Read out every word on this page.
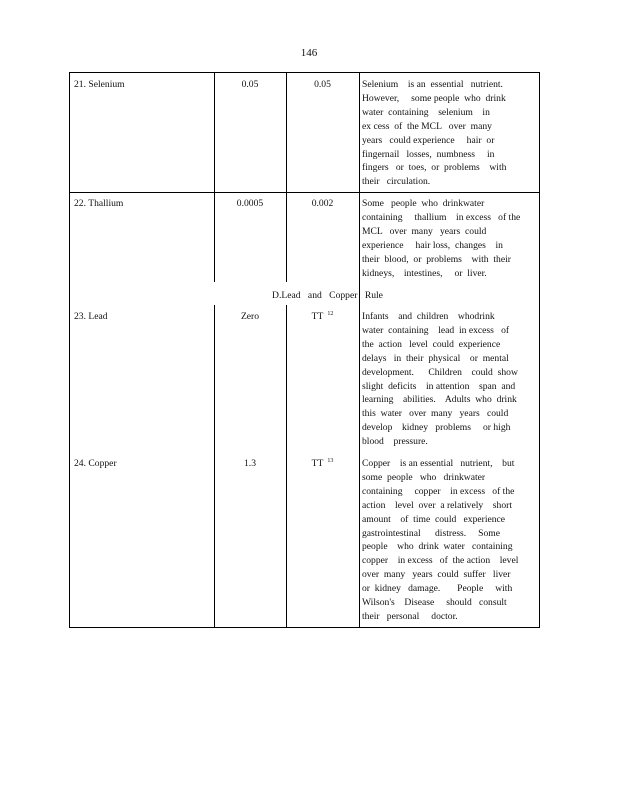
146
21. Selenium	0.05	0.05	Selenium    is an  essential   nutrient.
However,     some people  who  drink
water  containing    selenium    in
ex cess  of  the MCL   over  many
years   could experience     hair  or
fingernail   losses,  numbness     in
fingers   or  toes,  or  problems    with
their   circulation.
22. Thallium	0.0005	0.002	Some   people  who  drinkwater
containing     thallium    in excess   of the
MCL   over  many   years  could
experience     hair loss,  changes    in
their  blood,  or  problems    with  their
kidneys,    intestines,     or  liver.
D.Lead and Copper Rule
23. Lead	Zero	TT $^{12}$	Infants    and  children    whodrink
water  containing    lead  in excess   of
the  action   level  could  experience
delays   in  their  physical    or  mental
development.      Children    could  show
slight  deficits    in attention    span  and
learning    abilities.    Adults  who  drink
this  water   over  many   years   could
develop    kidney   problems     or high
blood    pressure.
24. Copper	1.3	TT $^{13}$	Copper    is an essential   nutrient,    but
some  people   who   drinkwater
containing     copper    in excess   of the
action    level  over  a relatively    short
amount    of  time  could   experience
gastrointestinal      distress.     Some
people    who  drink  water   containing
copper    in excess   of  the action    level
over  many   years  could  suffer   liver
or  kidney   damage.       People     with
Wilson's    Disease     should   consult
their   personal     doctor.
